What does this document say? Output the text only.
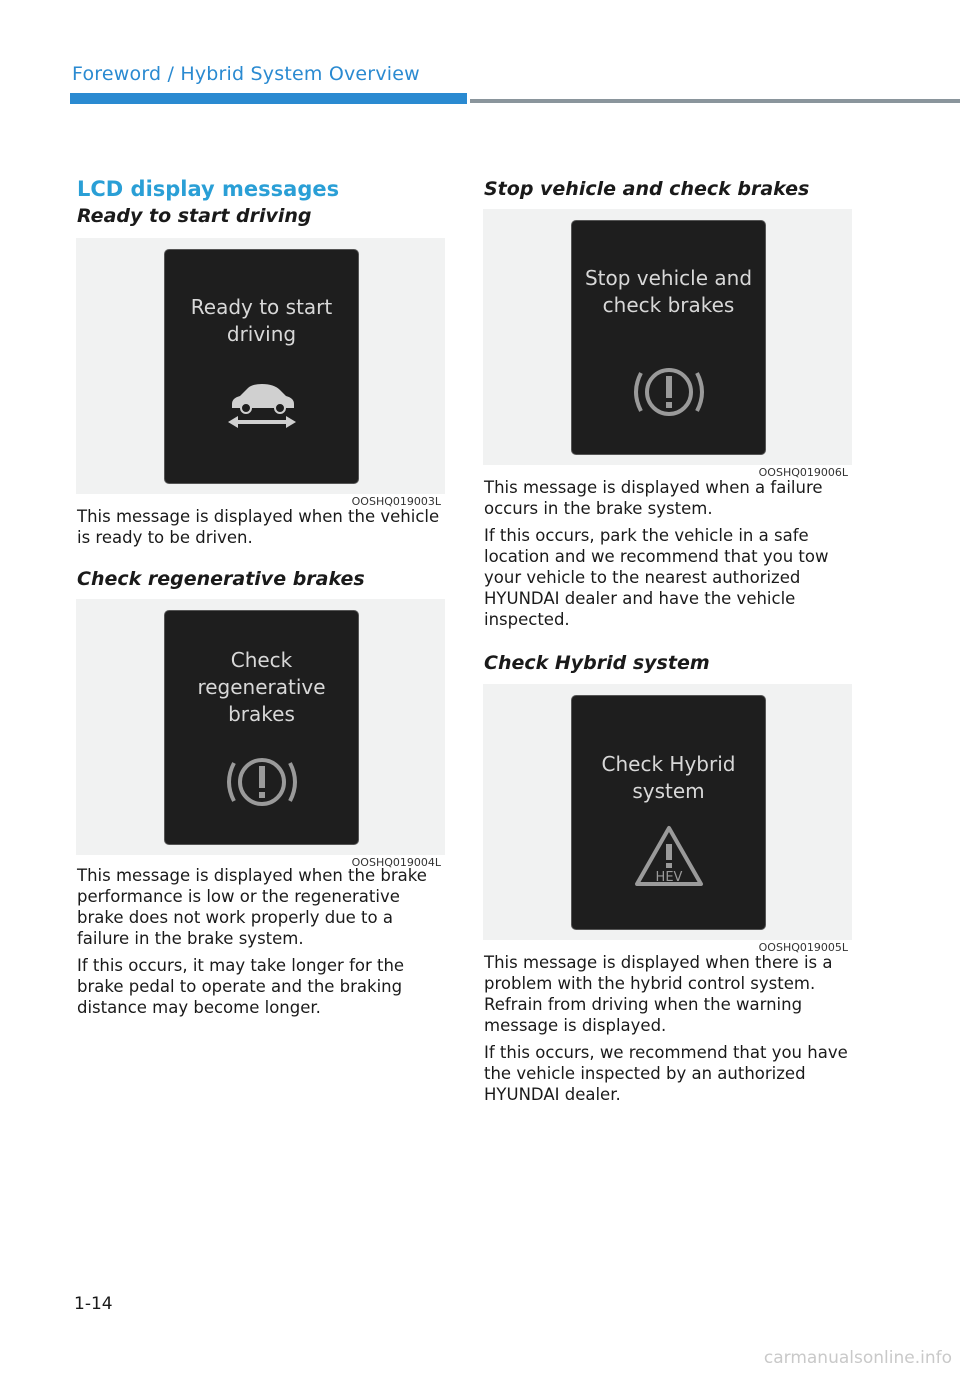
Foreword / Hybrid System Overview
LCD display messages
Ready to start driving
Ready to start
driving
OOSHQ019003L

This message is displayed when the vehicle is ready to be driven.

Check regenerative brakes
Check
regenerative
brakes
OOSHQ019004L

This message is displayed when the brake performance is low or the regenerative brake does not work properly due to a failure in the brake system.

If this occurs, it may take longer for the brake pedal to operate and the braking distance may become longer.

Stop vehicle and check brakes
Stop vehicle and
check brakes
OOSHQ019006L

This message is displayed when a failure occurs in the brake system.

If this occurs, park the vehicle in a safe location and we recommend that you tow your vehicle to the nearest authorized HYUNDAI dealer and have the vehicle inspected.

Check Hybrid system
Check Hybrid
system
HEV
OOSHQ019005L

This message is displayed when there is a problem with the hybrid control system. Refrain from driving when the warning message is displayed.

If this occurs, we recommend that you have the vehicle inspected by an authorized HYUNDAI dealer.

1-14
carmanualsonline.info
